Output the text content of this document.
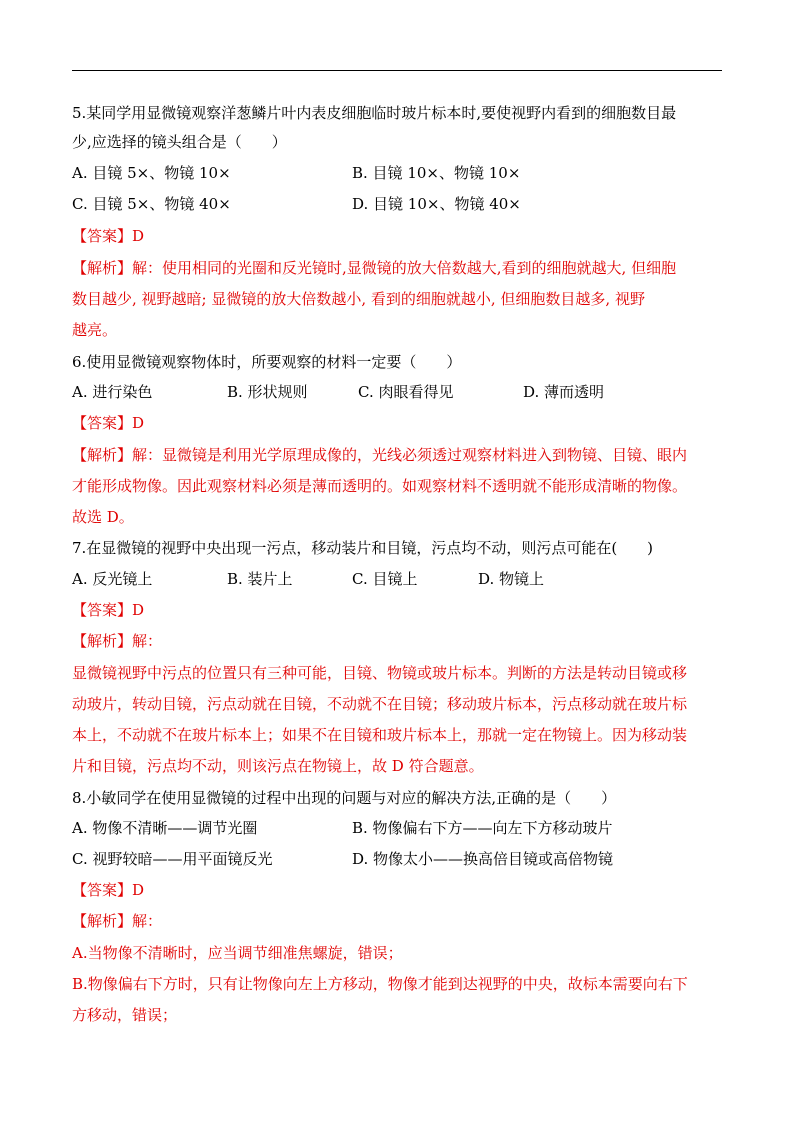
5.某同学用显微镜观察洋葱鳞片叶内表皮细胞临时玻片标本时,要使视野内看到的细胞数目最
少,应选择的镜头组合是（　　）
A. 目镜 5×、物镜 10×	B. 目镜 10×、物镜 10×
C. 目镜 5×、物镜 40×	D. 目镜 10×、物镜 40×
【答案】D
【解析】解：使用相同的光圈和反光镜时,显微镜的放大倍数越大,看到的细胞就越大, 但细胞
数目越少, 视野越暗; 显微镜的放大倍数越小, 看到的细胞就越小, 但细胞数目越多, 视野
越亮。
6.使用显微镜观察物体时，所要观察的材料一定要（　　）
A. 进行染色	B. 形状规则	C. 肉眼看得见	D. 薄而透明
【答案】D
【解析】解：显微镜是利用光学原理成像的，光线必须透过观察材料进入到物镜、目镜、眼内
才能形成物像。因此观察材料必须是薄而透明的。如观察材料不透明就不能形成清晰的物像。
故选 D。
7.在显微镜的视野中央出现一污点，移动装片和目镜，污点均不动，则污点可能在(　　)
A. 反光镜上	B. 装片上	C. 目镜上	D. 物镜上
【答案】D
【解析】解：
显微镜视野中污点的位置只有三种可能，目镜、物镜或玻片标本。判断的方法是转动目镜或移
动玻片，转动目镜，污点动就在目镜，不动就不在目镜；移动玻片标本，污点移动就在玻片标
本上，不动就不在玻片标本上；如果不在目镜和玻片标本上，那就一定在物镜上。因为移动装
片和目镜，污点均不动，则该污点在物镜上，故 D 符合题意。
8.小敏同学在使用显微镜的过程中出现的问题与对应的解决方法,正确的是（　　）
A. 物像不清晰——调节光圈	B. 物像偏右下方——向左下方移动玻片
C. 视野较暗——用平面镜反光	D. 物像太小——换高倍目镜或高倍物镜
【答案】D
【解析】解：
A.当物像不清晰时，应当调节细准焦螺旋，错误；
B.物像偏右下方时，只有让物像向左上方移动，物像才能到达视野的中央，故标本需要向右下
方移动，错误；
